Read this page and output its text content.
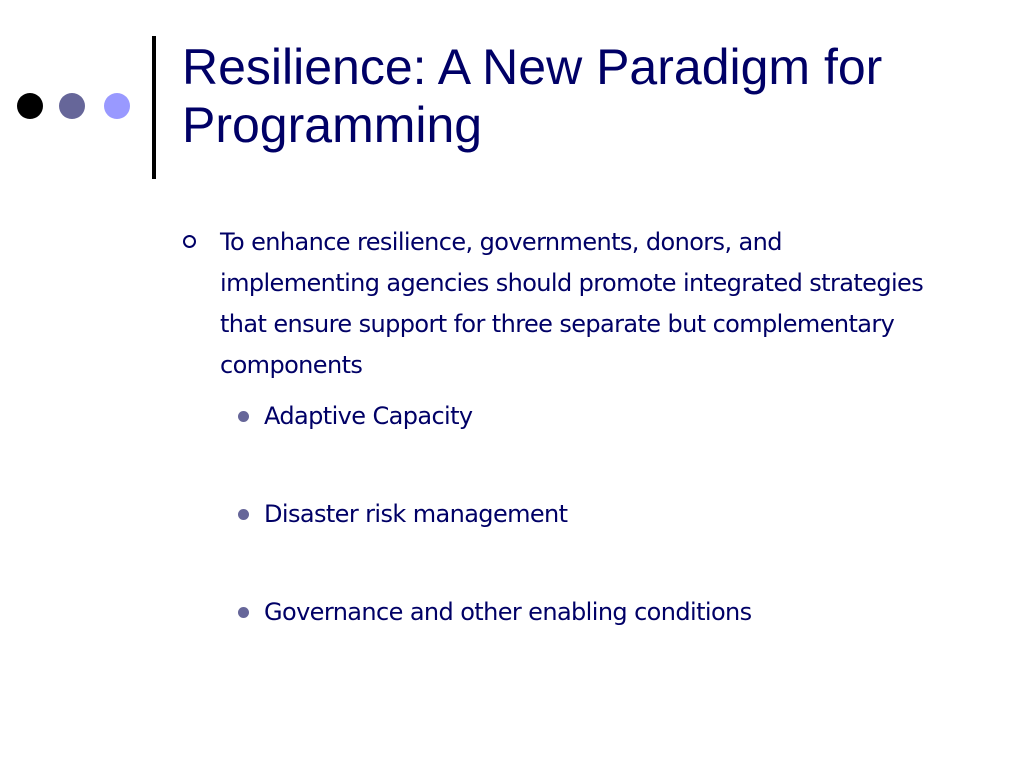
Resilience: A New Paradigm for Programming

To enhance resilience, governments, donors, and implementing agencies should promote integrated strategies that ensure support for three separate but complementary components

Adaptive Capacity
Disaster risk management
Governance and other enabling conditions
